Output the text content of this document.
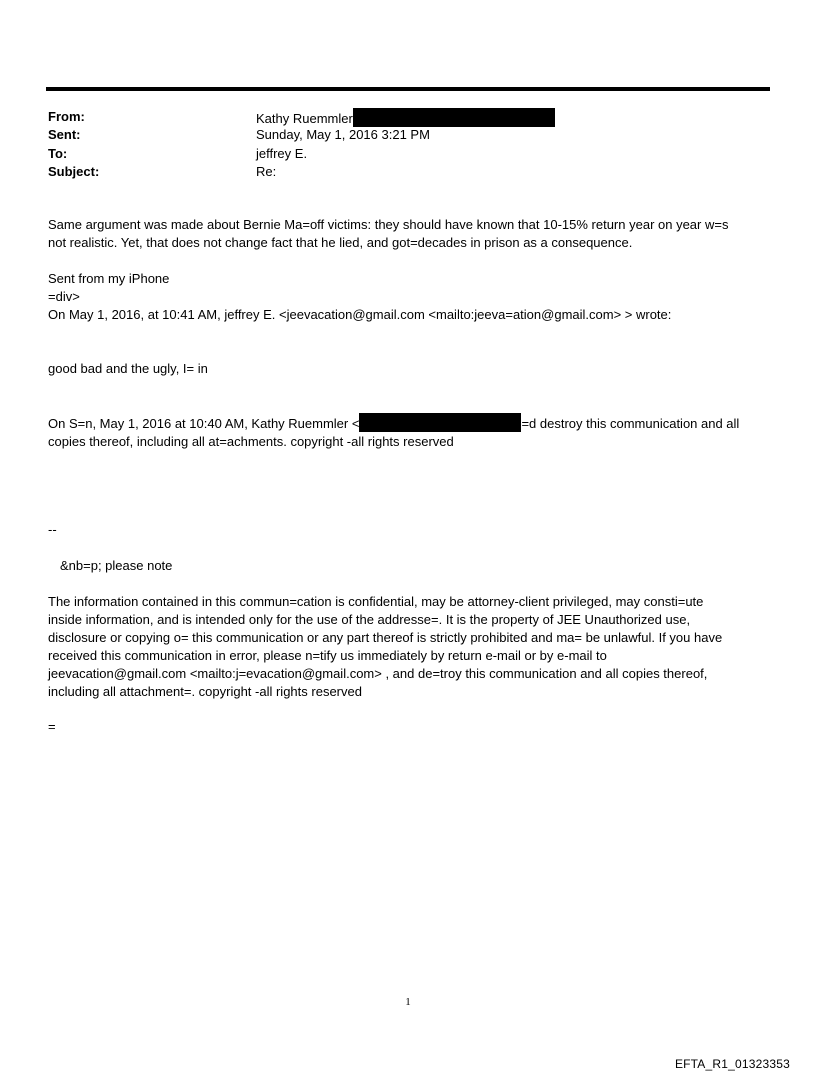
From:	Kathy Ruemmler
Sent:	Sunday, May 1, 2016 3:21 PM
To:	jeffrey E.
Subject:	Re:

Same argument was made about Bernie Ma=off victims: they should have known that 10-15% return year on year w=s

not realistic. Yet, that does not change fact that he lied, and got=decades in prison as a consequence.

Sent from my iPhone

=div>

On May 1, 2016, at 10:41 AM, jeffrey E. <jeevacation@gmail.com <mailto:jeeva=ation@gmail.com> > wrote:

good bad and the ugly, I= in

On S=n, May 1, 2016 at 10:40 AM, Kathy Ruemmler <	=d destroy this communication and all

copies thereof, including all at=achments. copyright -all rights reserved

--

&nb=p; please note

The information contained in this commun=cation is confidential, may be attorney-client privileged, may consti=ute

inside information, and is intended only for the use of the addresse=. It is the property of JEE Unauthorized use,

disclosure or copying o= this communication or any part thereof is strictly prohibited and ma= be unlawful. If you have

received this communication in error, please n=tify us immediately by return e-mail or by e-mail to

jeevacation@gmail.com <mailto:j=evacation@gmail.com> , and de=troy this communication and all copies thereof,

including all attachment=. copyright -all rights reserved

=

1
EFTA_R1_01323353
